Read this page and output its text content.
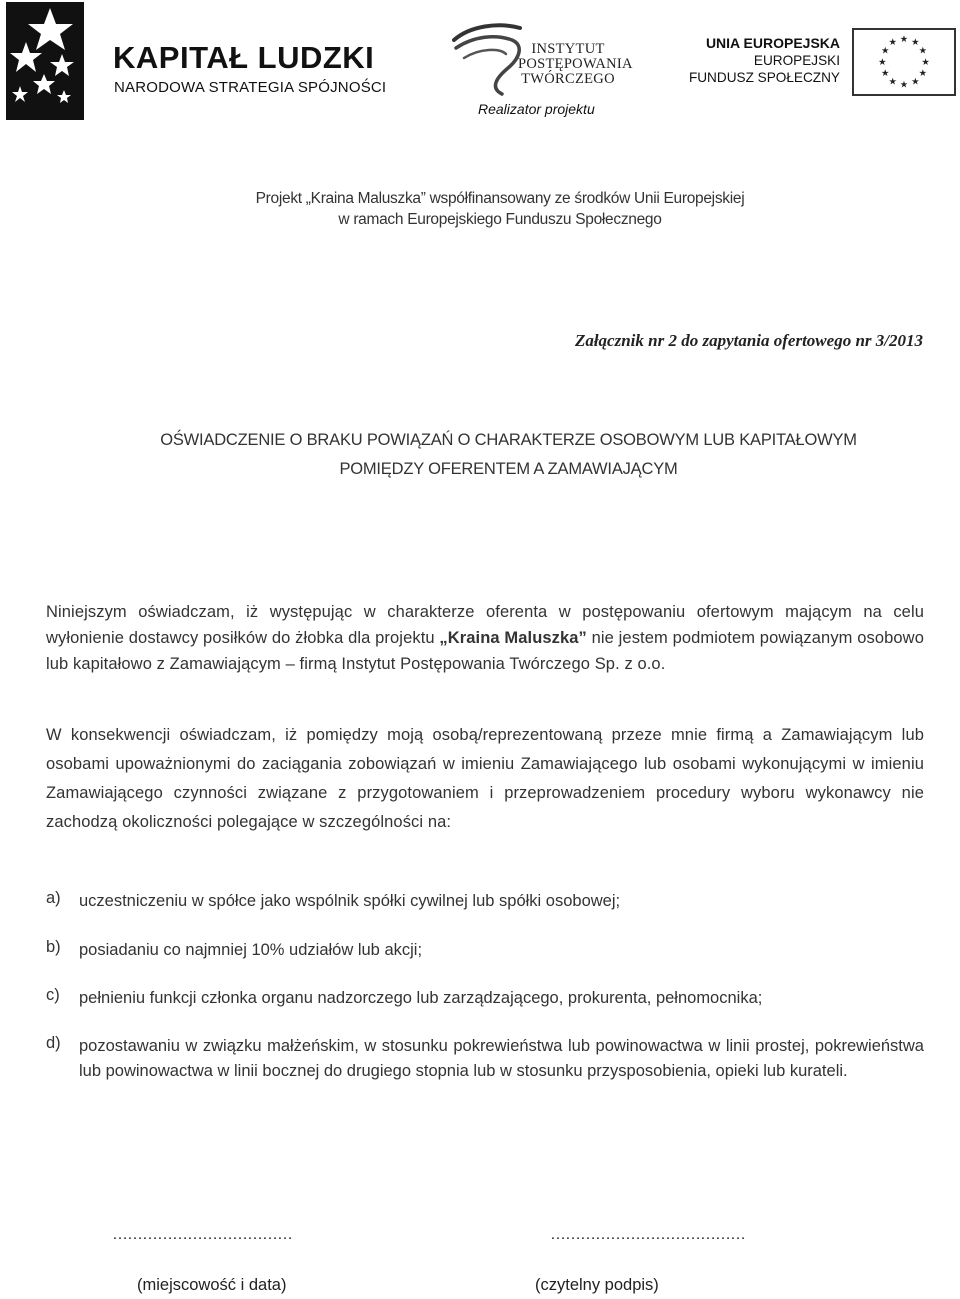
KAPITAŁ LUDZKI
NARODOWA STRATEGIA SPÓJNOŚCI
INSTYTUT
POSTĘPOWANIA
TWÓRCZEGO
Realizator projektu
UNIA EUROPEJSKA
EUROPEJSKI
FUNDUSZ SPOŁECZNY
★ ★
★
★
★
★
★
★
★
★
★
★
Projekt „Kraina Maluszka” współfinansowany ze środków Unii Europejskiej
w ramach Europejskiego Funduszu Społecznego
Załącznik nr 2 do zapytania ofertowego nr 3/2013
OŚWIADCZENIE O BRAKU POWIĄZAŃ O CHARAKTERZE OSOBOWYM LUB KAPITAŁOWYM
POMIĘDZY OFERENTEM A ZAMAWIAJĄCYM
Niniejszym oświadczam, iż występując w charakterze oferenta w postępowaniu ofertowym mającym na celu wyłonienie dostawcy posiłków do żłobka dla projektu „Kraina Maluszka” nie jestem podmiotem powiązanym osobowo lub kapitałowo z Zamawiającym – firmą Instytut Postępowania Twórczego Sp. z o.o.
W konsekwencji oświadczam, iż pomiędzy moją osobą/reprezentowaną przeze mnie firmą a Zamawiającym lub osobami upoważnionymi do zaciągania zobowiązań w imieniu Zamawiającego lub osobami wykonującymi w imieniu Zamawiającego czynności związane z przygotowaniem i przeprowadzeniem procedury wyboru wykonawcy nie zachodzą okoliczności polegające w szczególności na:
a)	uczestniczeniu w spółce jako wspólnik spółki cywilnej lub spółki osobowej;
b)	posiadaniu co najmniej 10% udziałów lub akcji;
c)	pełnieniu funkcji członka organu nadzorczego lub zarządzającego, prokurenta, pełnomocnika;
d)	pozostawaniu w związku małżeńskim, w stosunku pokrewieństwa lub powinowactwa w linii prostej, pokrewieństwa lub powinowactwa w linii bocznej do drugiego stopnia lub w stosunku przysposobienia, opieki lub kurateli.
………………………………	…………………………………
(miejscowość i data)	(czytelny podpis)
